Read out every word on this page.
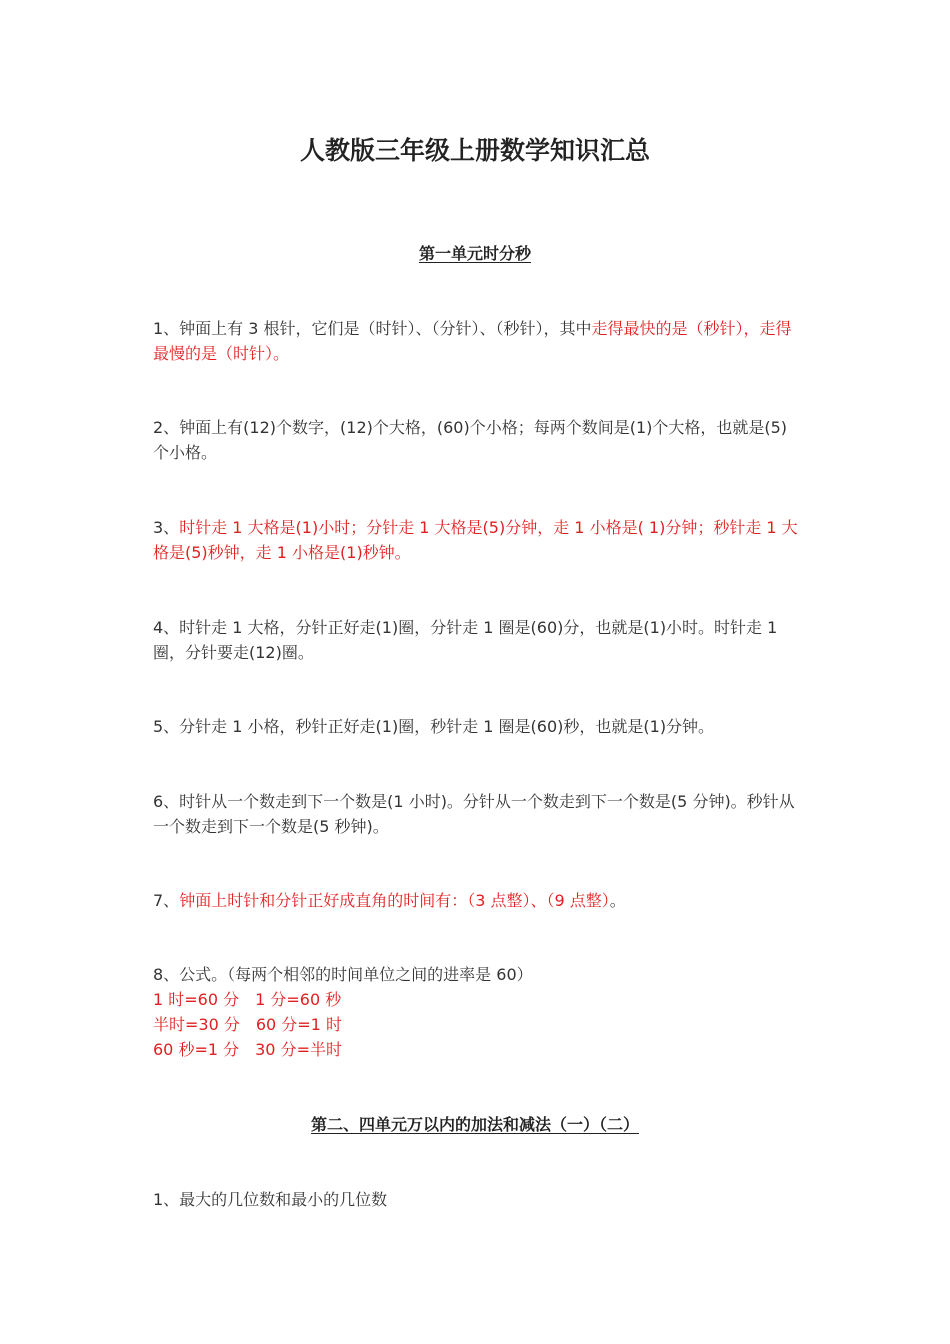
人教版三年级上册数学知识汇总
第一单元时分秒

1、钟面上有 3 根针，它们是（时针）、（分针）、（秒针），其中走得最快的是（秒针），走得最慢的是（时针）。

2、钟面上有(12)个数字，(12)个大格，(60)个小格；每两个数间是(1)个大格，也就是(5)个小格。

3、时针走 1 大格是(1)小时；分针走 1 大格是(5)分钟，走 1 小格是( 1)分钟；秒针走 1 大格是(5)秒钟，走 1 小格是(1)秒钟。

4、时针走 1 大格，分针正好走(1)圈，分针走 1 圈是(60)分，也就是(1)小时。时针走 1 圈，分针要走(12)圈。

5、分针走 1 小格，秒针正好走(1)圈，秒针走 1 圈是(60)秒，也就是(1)分钟。

6、时针从一个数走到下一个数是(1 小时)。分针从一个数走到下一个数是(5 分钟)。秒针从一个数走到下一个数是(5 秒钟)。

7、钟面上时针和分针正好成直角的时间有：（3 点整）、（9 点整）。

8、公式。（每两个相邻的时间单位之间的进率是 60）
1 时=60 分　1 分=60 秒
半时=30 分　60 分=1 时
60 秒=1 分　30 分=半时
第二、四单元万以内的加法和减法（一）（二）

1、最大的几位数和最小的几位数
